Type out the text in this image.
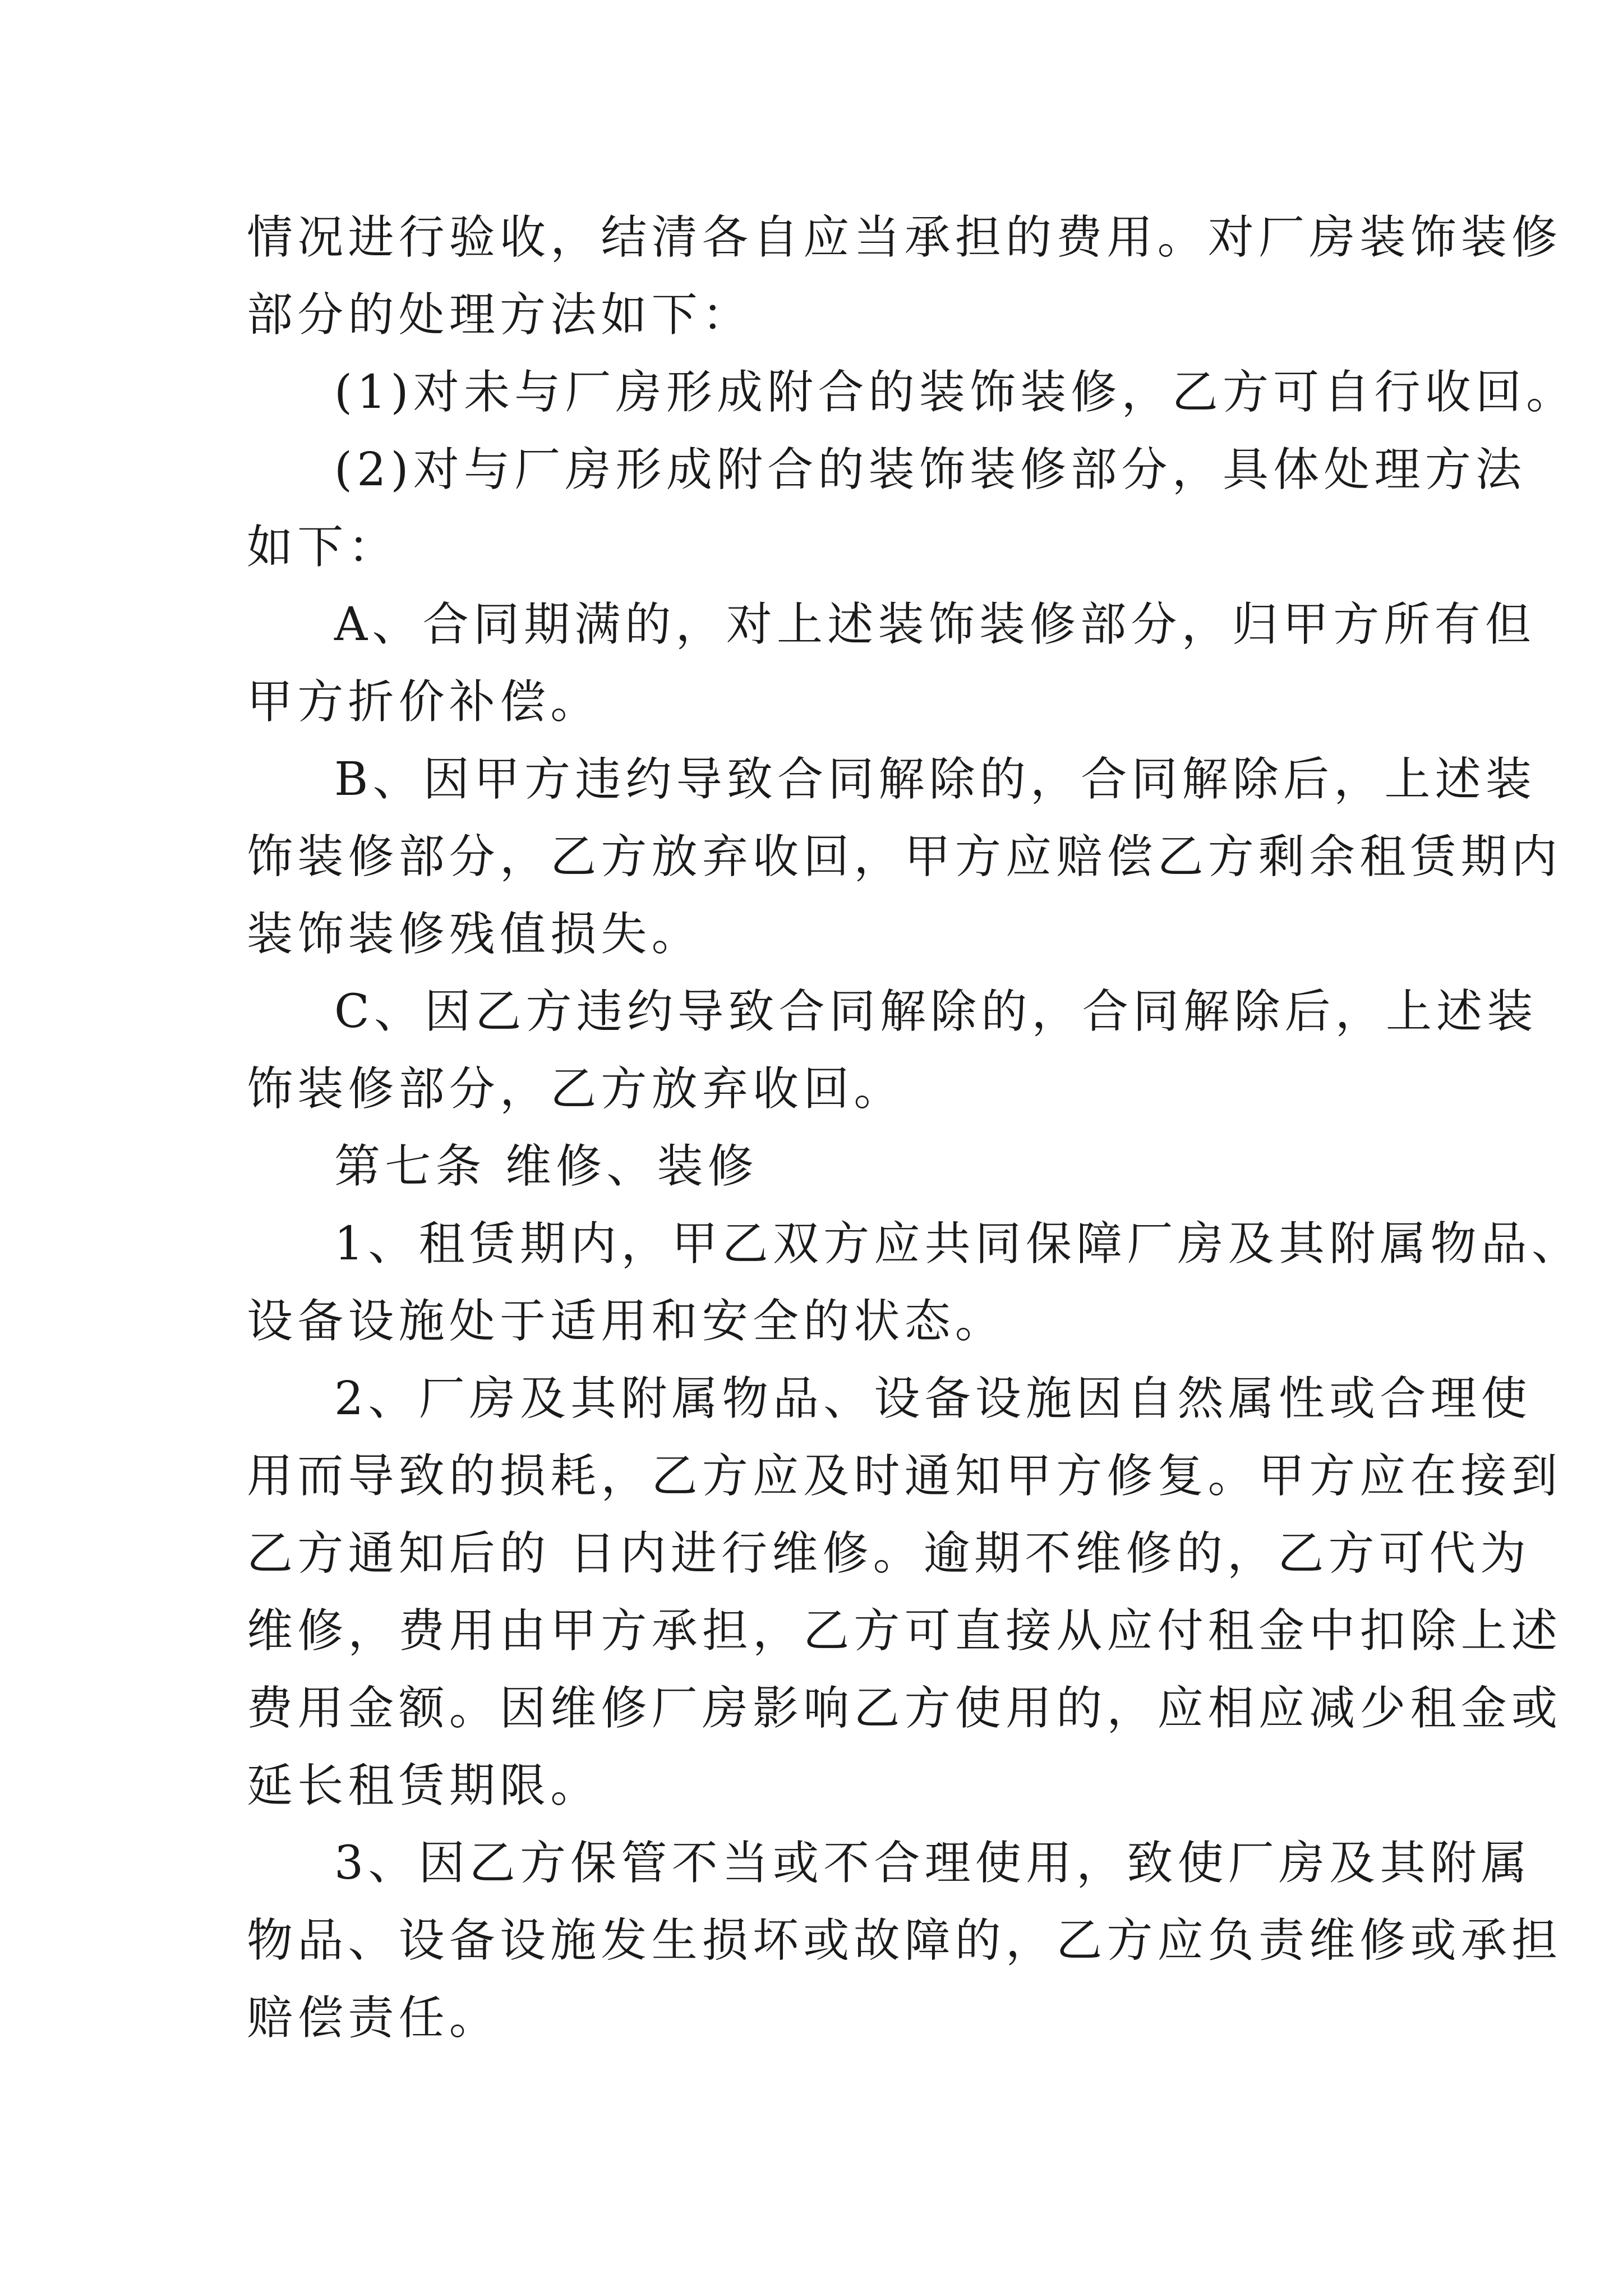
情况进行验收，结清各自应当承担的费用。对厂房装饰装修
部分的处理方法如下：

(1)对未与厂房形成附合的装饰装修，乙方可自行收回。

(2)对与厂房形成附合的装饰装修部分，具体处理方法
如下：

A、合同期满的，对上述装饰装修部分，归甲方所有但
甲方折价补偿。

B、因甲方违约导致合同解除的，合同解除后，上述装
饰装修部分，乙方放弃收回，甲方应赔偿乙方剩余租赁期内
装饰装修残值损失。

C、因乙方违约导致合同解除的，合同解除后，上述装
饰装修部分，乙方放弃收回。

第七条 维修、装修

1、租赁期内，甲乙双方应共同保障厂房及其附属物品、
设备设施处于适用和安全的状态。

2、厂房及其附属物品、设备设施因自然属性或合理使
用而导致的损耗，乙方应及时通知甲方修复。甲方应在接到
乙方通知后的 日内进行维修。逾期不维修的，乙方可代为
维修，费用由甲方承担，乙方可直接从应付租金中扣除上述
费用金额。因维修厂房影响乙方使用的，应相应减少租金或
延长租赁期限。

3、因乙方保管不当或不合理使用，致使厂房及其附属
物品、设备设施发生损坏或故障的，乙方应负责维修或承担
赔偿责任。
